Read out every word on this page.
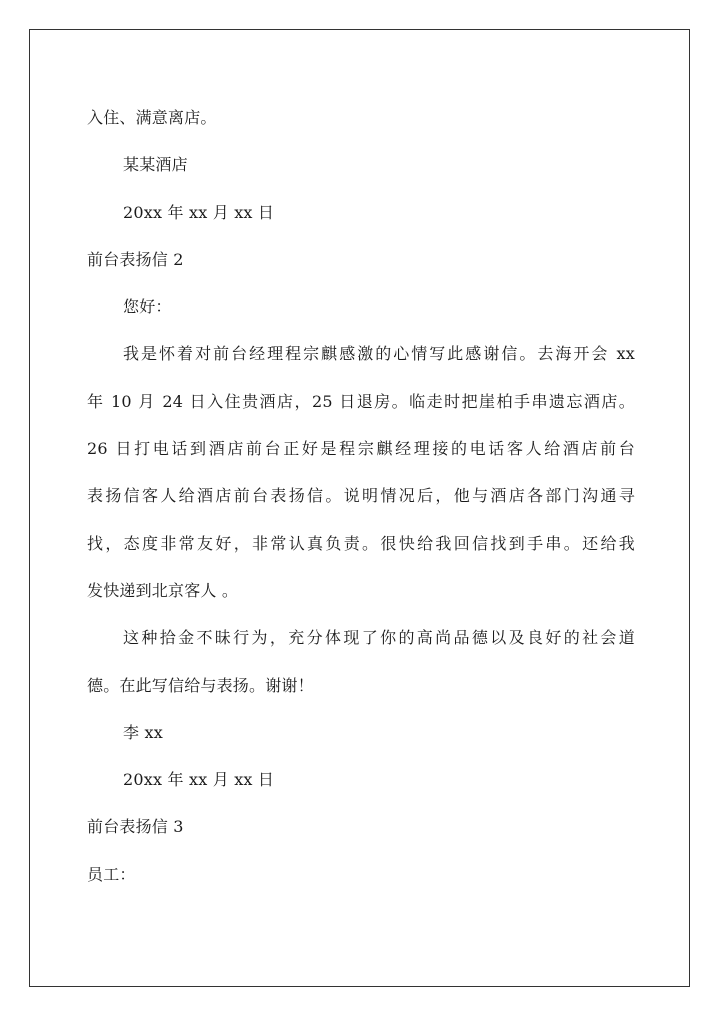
入住、满意离店。
某某酒店
20xx 年 xx 月 xx 日
前台表扬信 2
您好：
我是怀着对前台经理程宗麒感激的心情写此感谢信。去海开会 xx
年 10 月 24 日入住贵酒店，25 日退房。临走时把崖柏手串遗忘酒店。
26 日打电话到酒店前台正好是程宗麒经理接的电话客人给酒店前台
表扬信客人给酒店前台表扬信。说明情况后，他与酒店各部门沟通寻
找，态度非常友好，非常认真负责。很快给我回信找到手串。还给我
发快递到北京客人 。
这种拾金不昧行为，充分体现了你的高尚品德以及良好的社会道
德。在此写信给与表扬。谢谢！
李 xx
20xx 年 xx 月 xx 日
前台表扬信 3
员工：
